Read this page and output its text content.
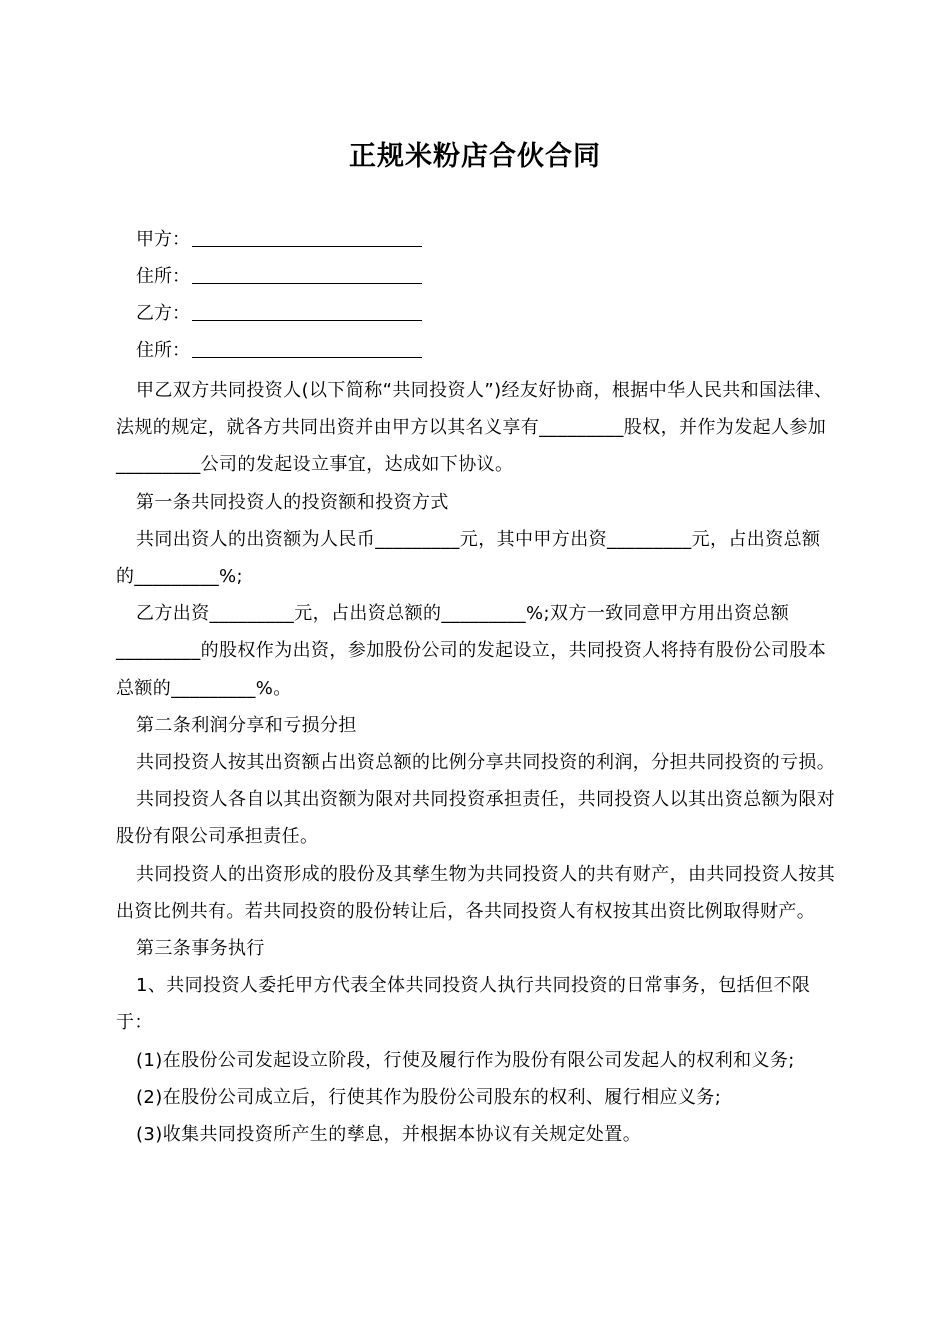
正规米粉店合伙合同
甲方：
住所：
乙方：
住所：

甲乙双方共同投资人(以下简称“共同投资人”)经友好协商，根据中华人民共和国法律、法规的规定，就各方共同出资并由甲方以其名义享有_________股权，并作为发起人参加_________公司的发起设立事宜，达成如下协议。

第一条共同投资人的投资额和投资方式

共同出资人的出资额为人民币_________元，其中甲方出资_________元，占出资总额的_________%;

乙方出资_________元，占出资总额的_________%;双方一致同意甲方用出资总额_________的股权作为出资，参加股份公司的发起设立，共同投资人将持有股份公司股本总额的_________%。

第二条利润分享和亏损分担

共同投资人按其出资额占出资总额的比例分享共同投资的利润，分担共同投资的亏损。

共同投资人各自以其出资额为限对共同投资承担责任，共同投资人以其出资总额为限对股份有限公司承担责任。

共同投资人的出资形成的股份及其孳生物为共同投资人的共有财产，由共同投资人按其出资比例共有。若共同投资的股份转让后，各共同投资人有权按其出资比例取得财产。

第三条事务执行

1、共同投资人委托甲方代表全体共同投资人执行共同投资的日常事务，包括但不限于：

(1)在股份公司发起设立阶段，行使及履行作为股份有限公司发起人的权利和义务;

(2)在股份公司成立后，行使其作为股份公司股东的权利、履行相应义务;

(3)收集共同投资所产生的孳息，并根据本协议有关规定处置。
